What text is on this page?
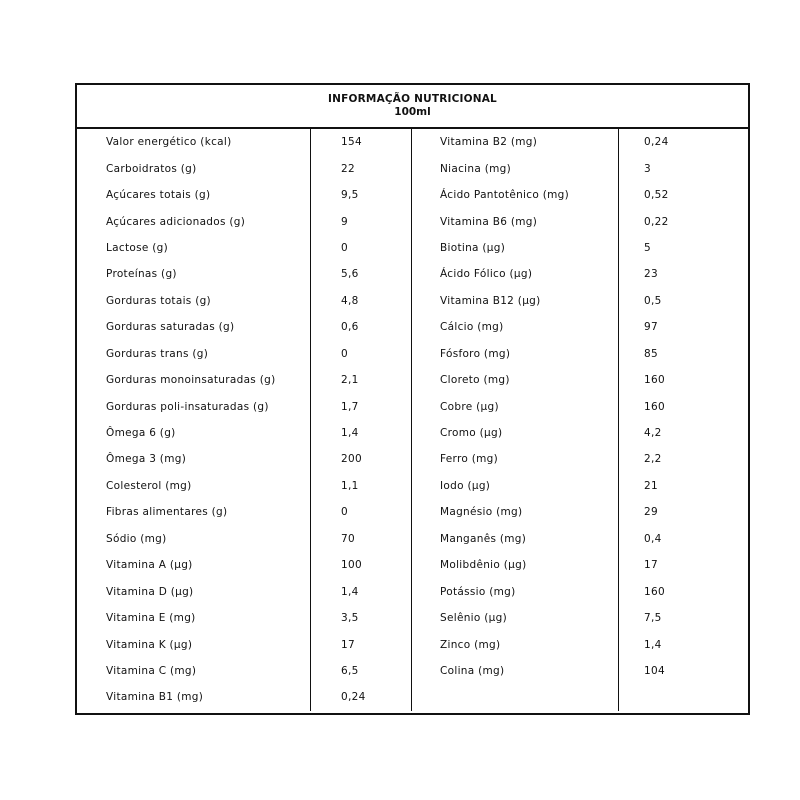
INFORMAÇÃO NUTRICIONAL
100ml
Valor energético (kcal)	154	Vitamina B2 (mg)	0,24
Carboidratos (g)	22	Niacina (mg)	3
Açúcares totais (g)	9,5	Ácido Pantotênico (mg)	0,52
Açúcares adicionados (g)	9	Vitamina B6 (mg)	0,22
Lactose (g)	0	Biotina (µg)	5
Proteínas (g)	5,6	Ácido Fólico (µg)	23
Gorduras totais (g)	4,8	Vitamina B12 (µg)	0,5
Gorduras saturadas (g)	0,6	Cálcio (mg)	97
Gorduras trans (g)	0	Fósforo (mg)	85
Gorduras monoinsaturadas (g)	2,1	Cloreto (mg)	160
Gorduras poli-insaturadas (g)	1,7	Cobre (µg)	160
Ômega 6 (g)	1,4	Cromo (µg)	4,2
Ômega 3 (mg)	200	Ferro (mg)	2,2
Colesterol (mg)	1,1	Iodo (µg)	21
Fibras alimentares (g)	0	Magnésio (mg)	29
Sódio (mg)	70	Manganês (mg)	0,4
Vitamina A (µg)	100	Molibdênio (µg)	17
Vitamina D (µg)	1,4	Potássio (mg)	160
Vitamina E (mg)	3,5	Selênio (µg)	7,5
Vitamina K (µg)	17	Zinco (mg)	1,4
Vitamina C (mg)	6,5	Colina (mg)	104
Vitamina B1 (mg)	0,24
